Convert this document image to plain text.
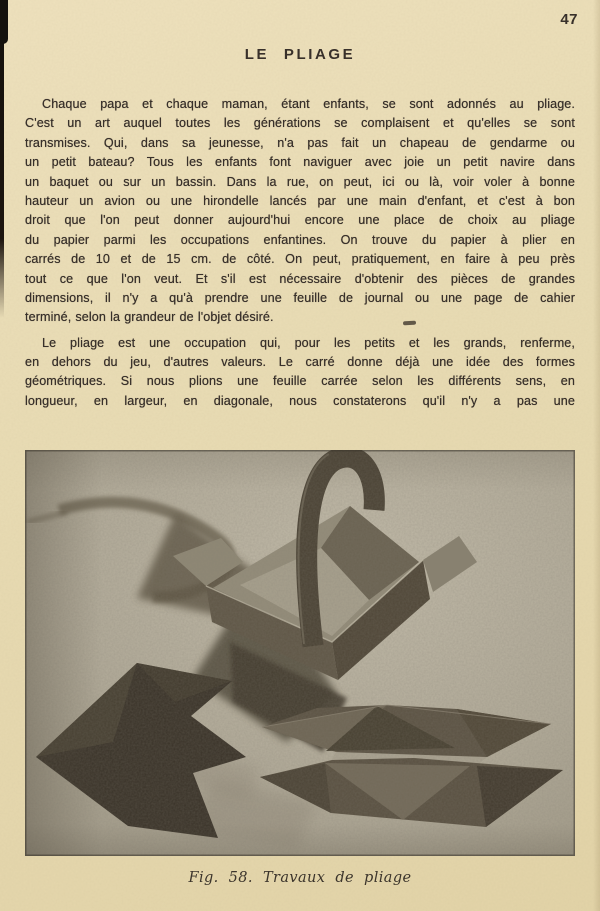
47
LE PLIAGE
Chaque papa et chaque maman, étant enfants, se sont adonnés au pliage.
C'est un art auquel toutes les générations se complaisent et qu'elles se sont
transmises. Qui, dans sa jeunesse, n'a pas fait un chapeau de gendarme ou
un petit bateau? Tous les enfants font naviguer avec joie un petit navire dans
un baquet ou sur un bassin. Dans la rue, on peut, ici ou là, voir voler à bonne
hauteur un avion ou une hirondelle lancés par une main d'enfant, et c'est à bon
droit que l'on peut donner aujourd'hui encore une place de choix au pliage
du papier parmi les occupations enfantines. On trouve du papier à plier en
carrés de 10 et de 15 cm. de côté. On peut, pratiquement, en faire à peu près
tout ce que l'on veut. Et s'il est nécessaire d'obtenir des pièces de grandes
dimensions, il n'y a qu'à prendre une feuille de journal ou une page de cahier
terminé, selon la grandeur de l'objet désiré.
Le pliage est une occupation qui, pour les petits et les grands, renferme,
en dehors du jeu, d'autres valeurs. Le carré donne déjà une idée des formes
géométriques. Si nous plions une feuille carrée selon les différents sens, en
longueur, en largeur, en diagonale, nous constaterons qu'il n'y a pas une
Fig. 58. Travaux de pliage
